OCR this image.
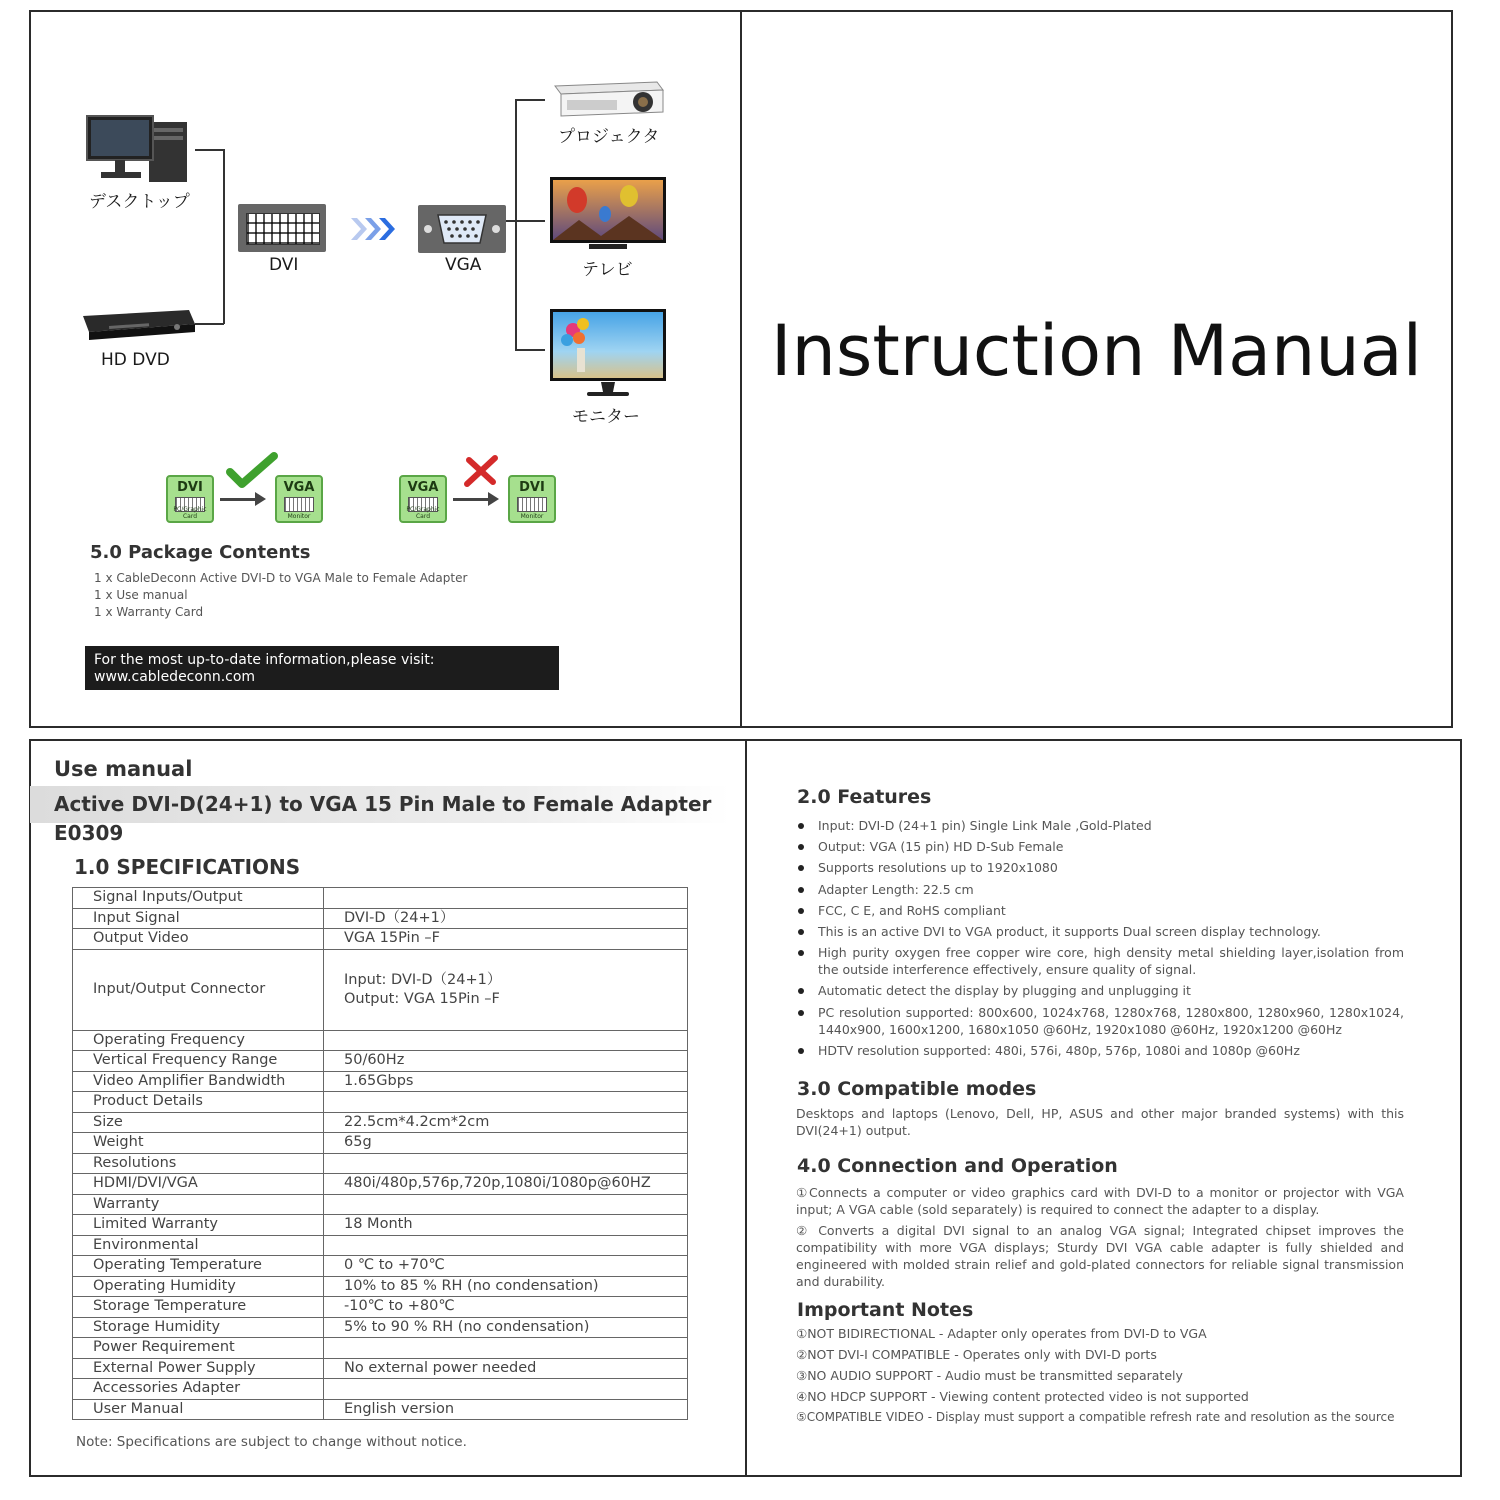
デスクトップ
HD DVD
DVI	VGA
プロジェクタ
テレビ
モニター
DVI
PC/Graphic Card
VGA
Monitor
VGA
PC/Graphic Card
DVI
Monitor
5.0 Package Contents
1 x CableDeconn Active DVI-D to VGA Male to Female Adapter
1 x Use manual
1 x Warranty Card
For the most up-to-date information,please visit:
www.cabledeconn.com
Instruction Manual
Use manual
Active DVI-D(24+1) to VGA 15 Pin Male to Female Adapter
E0309
1.0 SPECIFICATIONS
Signal Inputs/Output	
Input Signal	DVI-D（24+1）
Output Video	VGA 15Pin –F
Input/Output Connector	Input: DVI-D（24+1）
Output: VGA 15Pin –F

Operating Frequency	
Vertical Frequency Range	50/60Hz
Video Amplifier Bandwidth	1.65Gbps
Product Details	
Size	22.5cm*4.2cm*2cm
Weight	65g
Resolutions	
HDMI/DVI/VGA	480i/480p,576p,720p,1080i/1080p@60HZ
Warranty	
Limited Warranty	18 Month
Environmental	
Operating Temperature	0 ℃ to +70℃
Operating Humidity	10% to 85 % RH (no condensation)
Storage Temperature	-10℃ to +80℃
Storage Humidity	5% to 90 % RH (no condensation)
Power Requirement	
External Power Supply	No external power needed
Accessories Adapter	
User Manual	English version
Note: Specifications are subject to change without notice.
2.0 Features
Input: DVI-D (24+1 pin) Single Link Male ,Gold-Plated
Output: VGA (15 pin) HD D-Sub Female
Supports resolutions up to 1920x1080
Adapter Length: 22.5 cm
FCC, C E, and RoHS compliant
This is an active DVI to VGA product, it supports Dual screen display technology.
High purity oxygen free copper wire core, high density metal shielding layer,isolation from the outside interference effectively, ensure quality of signal.
Automatic detect the display by plugging and unplugging it
PC resolution supported: 800x600, 1024x768, 1280x768, 1280x800, 1280x960, 1280x1024, 1440x900, 1600x1200, 1680x1050 @60Hz, 1920x1080 @60Hz, 1920x1200 @60Hz
HDTV resolution supported: 480i, 576i, 480p, 576p, 1080i and 1080p @60Hz
3.0 Compatible modes
Desktops and laptops (Lenovo, Dell, HP, ASUS and other major branded systems) with this DVI(24+1) output.
4.0 Connection and Operation
①Connects a computer or video graphics card with DVI-D to a monitor or projector with VGA input; A VGA cable (sold separately) is required to connect the adapter to a display.
② Converts a digital DVI signal to an analog VGA signal; Integrated chipset improves the compatibility with more VGA displays; Sturdy DVI VGA cable adapter is fully shielded and engineered with molded strain relief and gold-plated connectors for reliable signal transmission and durability.
Important Notes
①NOT BIDIRECTIONAL - Adapter only operates from DVI-D to VGA
②NOT DVI-I COMPATIBLE - Operates only with DVI-D ports
③NO AUDIO SUPPORT - Audio must be transmitted separately
④NO HDCP SUPPORT - Viewing content protected video is not supported
⑤COMPATIBLE VIDEO - Display must support a compatible refresh rate and resolution as the source
